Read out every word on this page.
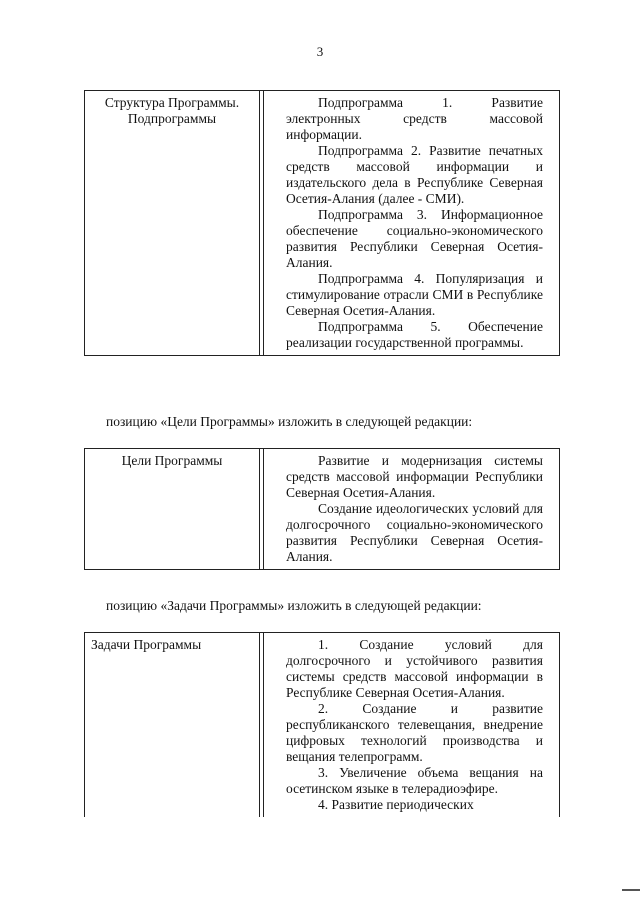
3
Структура Программы. Подпрограммы

Подпрограмма 1. Развитие электронных средств массовой информации.

Подпрограмма 2. Развитие печатных средств массовой информации и издательского дела в Республике Северная Осетия-Алания (далее - СМИ).

Подпрограмма 3. Информационное обеспечение социально-экономического развития Республики Северная Осетия-Алания.

Подпрограмма 4. Популяризация и стимулирование отрасли СМИ в Республике Северная Осетия-Алания.

Подпрограмма 5. Обеспечение реализации государственной программы.

позицию «Цели Программы» изложить в следующей редакции:
Цели Программы	Развитие и модернизация системы средств массовой информации Республики Северная Осетия-Алания.

Создание идеологических условий для долгосрочного социально-экономического развития Республики Северная Осетия-Алания.

позицию «Задачи Программы» изложить в следующей редакции:
Задачи Программы	1. Создание условий для долгосрочного и устойчивого развития системы средств массовой информации в Республике Северная Осетия-Алания.

2. Создание и развитие республиканского телевещания, внедрение цифровых технологий производства и вещания телепрограмм.

3. Увеличение объема вещания на осетинском языке в телерадиоэфире.

4. Развитие периодических
